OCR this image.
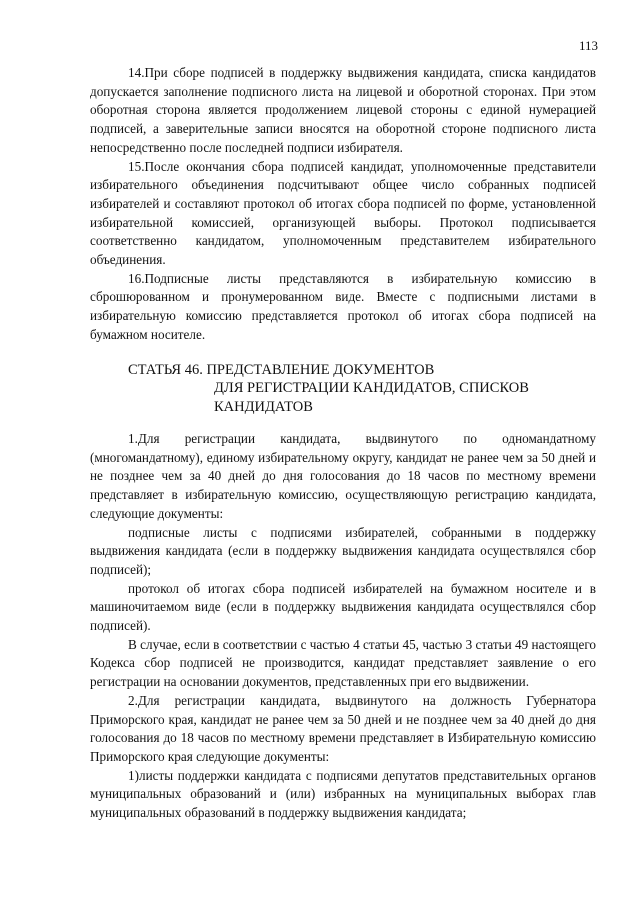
113

14.При сборе подписей в поддержку выдвижения кандидата, списка кандидатов допускается заполнение подписного листа на лицевой и оборотной сторонах. При этом оборотная сторона является продолжением лицевой стороны с единой нумерацией подписей, а заверительные записи вносятся на оборотной стороне подписного листа непосредственно после последней подписи избирателя.

15.После окончания сбора подписей кандидат, уполномоченные представители избирательного объединения подсчитывают общее число собранных подписей избирателей и составляют протокол об итогах сбора подписей по форме, установленной избирательной комиссией, организующей выборы. Протокол подписывается соответственно кандидатом, уполномоченным представителем избирательного объединения.

16.Подписные листы представляются в избирательную комиссию в сброшюрованном и пронумерованном виде. Вместе с подписными листами в избирательную комиссию представляется протокол об итогах сбора подписей на бумажном носителе.

СТАТЬЯ 46. ПРЕДСТАВЛЕНИЕ ДОКУМЕНТОВ
ДЛЯ РЕГИСТРАЦИИ КАНДИДАТОВ, СПИСКОВ
КАНДИДАТОВ

1.Для регистрации кандидата, выдвинутого по одномандатному (многомандатному), единому избирательному округу, кандидат не ранее чем за 50 дней и не позднее чем за 40 дней до дня голосования до 18 часов по местному времени представляет в избирательную комиссию, осуществляющую регистрацию кандидата, следующие документы:

подписные листы с подписями избирателей, собранными в поддержку выдвижения кандидата (если в поддержку выдвижения кандидата осуществлялся сбор подписей);

протокол об итогах сбора подписей избирателей на бумажном носителе и в машиночитаемом виде (если в поддержку выдвижения кандидата осуществлялся сбор подписей).

В случае, если в соответствии с частью 4 статьи 45, частью 3 статьи 49 настоящего Кодекса сбор подписей не производится, кандидат представляет заявление о его регистрации на основании документов, представленных при его выдвижении.

2.Для регистрации кандидата, выдвинутого на должность Губернатора Приморского края, кандидат не ранее чем за 50 дней и не позднее чем за 40 дней до дня голосования до 18 часов по местному времени представляет в Избирательную комиссию Приморского края следующие документы:

1)листы поддержки кандидата с подписями депутатов представительных органов муниципальных образований и (или) избранных на муниципальных выборах глав муниципальных образований в поддержку выдвижения кандидата;
